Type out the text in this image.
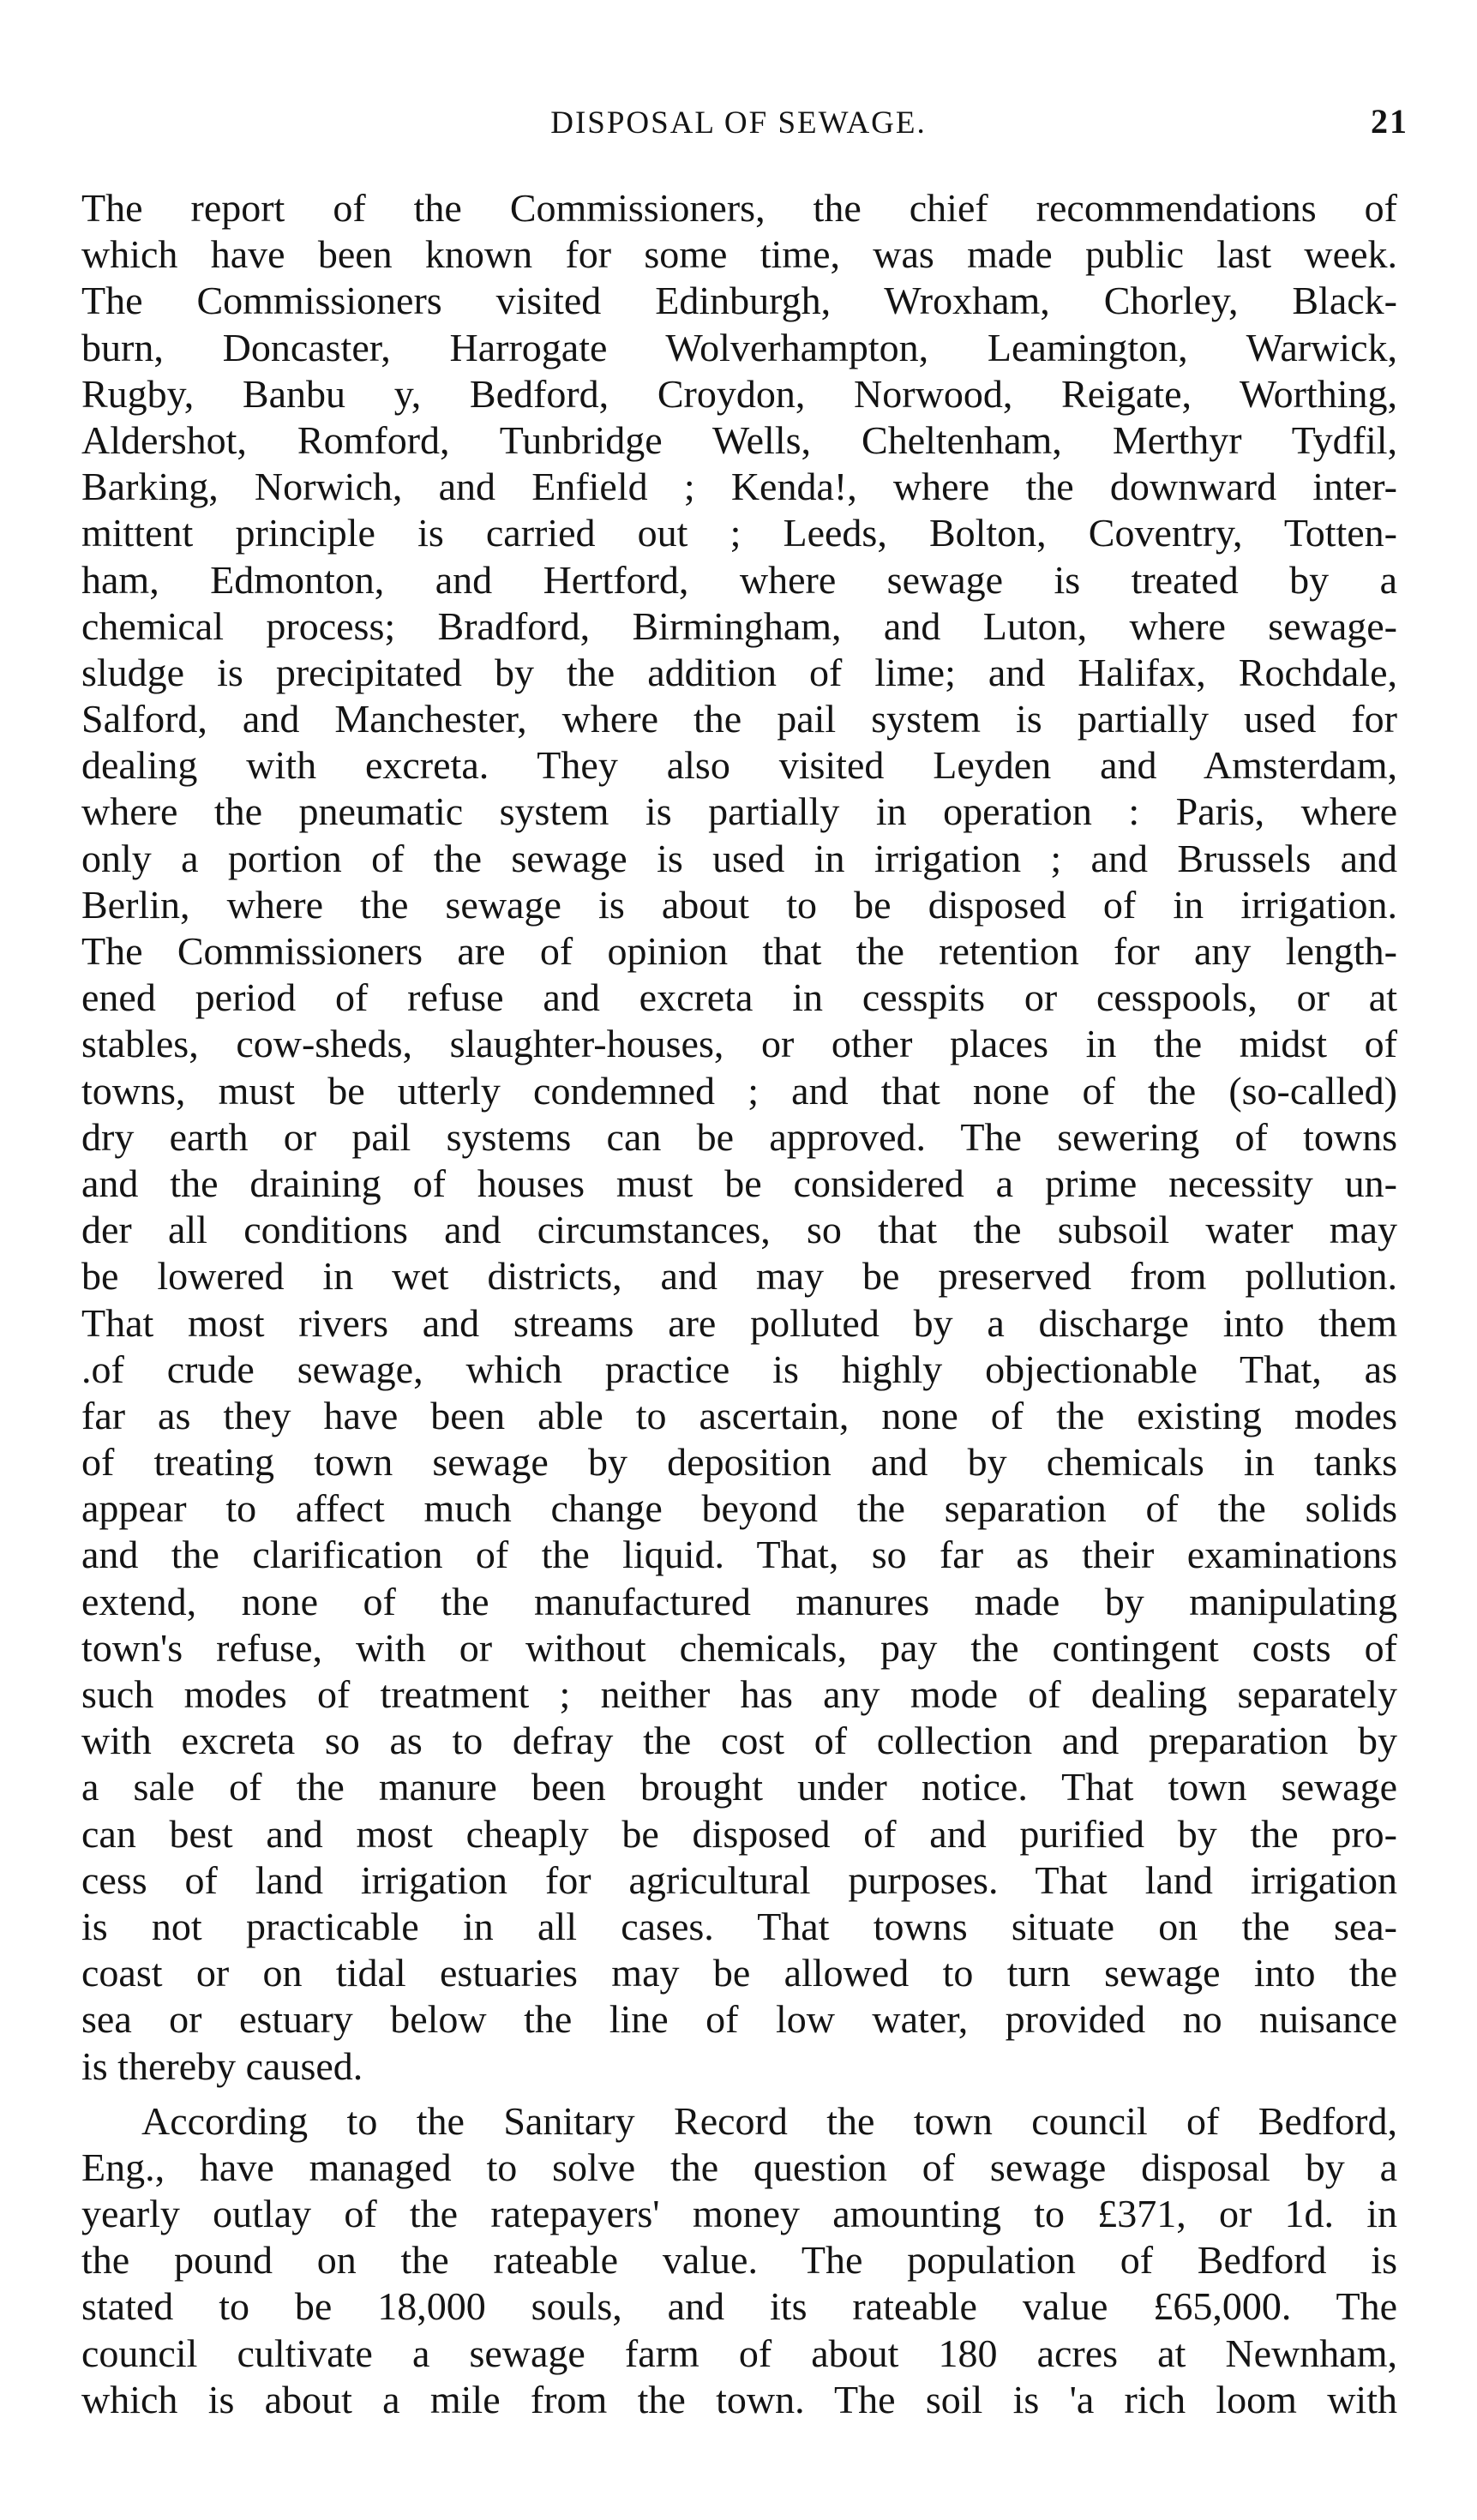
DISPOSAL OF SEWAGE.	21
The report of the Commissioners, the chief recommendations of
which have been known for some time, was made public last week.
The Commissioners visited Edinburgh, Wroxham, Chorley, Black-
burn, Doncaster, Harrogate Wolverhampton, Leamington, Warwick,
Rugby, Banbu y, Bedford, Croydon, Norwood, Reigate, Worthing,
Aldershot, Romford, Tunbridge Wells, Cheltenham, Merthyr Tydfil,
Barking, Norwich, and Enfield ; Kenda!, where the downward inter-
mittent principle is carried out ; Leeds, Bolton, Coventry, Totten-
ham, Edmonton, and Hertford, where sewage is treated by a
chemical process; Bradford, Birmingham, and Luton, where sewage-
sludge is precipitated by the addition of lime; and Halifax, Rochdale,
Salford, and Manchester, where the pail system is partially used for
dealing with excreta. They also visited Leyden and Amsterdam,
where the pneumatic system is partially in operation : Paris, where
only a portion of the sewage is used in irrigation ; and Brussels and
Berlin, where the sewage is about to be disposed of in irrigation.
The Commissioners are of opinion that the retention for any length-
ened period of refuse and excreta in cesspits or cesspools, or at
stables, cow-sheds, slaughter-houses, or other places in the midst of
towns, must be utterly condemned ; and that none of the (so-called)
dry earth or pail systems can be approved. The sewering of towns
and the draining of houses must be considered a prime necessity un-
der all conditions and circumstances, so that the subsoil water may
be lowered in wet districts, and may be preserved from pollution.
That most rivers and streams are polluted by a discharge into them
.of crude sewage, which practice is highly objectionable That, as
far as they have been able to ascertain, none of the existing modes
of treating town sewage by deposition and by chemicals in tanks
appear to affect much change beyond the separation of the solids
and the clarification of the liquid. That, so far as their examinations
extend, none of the manufactured manures made by manipulating
town's refuse, with or without chemicals, pay the contingent costs of
such modes of treatment ; neither has any mode of dealing separately
with excreta so as to defray the cost of collection and preparation by
a sale of the manure been brought under notice. That town sewage
can best and most cheaply be disposed of and purified by the pro-
cess of land irrigation for agricultural purposes. That land irrigation
is not practicable in all cases. That towns situate on the sea-
coast or on tidal estuaries may be allowed to turn sewage into the
sea or estuary below the line of low water, provided no nuisance
is thereby caused.
According to the Sanitary Record the town council of Bedford,
Eng., have managed to solve the question of sewage disposal by a
yearly outlay of the ratepayers' money amounting to £371, or 1d. in
the pound on the rateable value. The population of Bedford is
stated to be 18,000 souls, and its rateable value £65,000. The
council cultivate a sewage farm of about 180 acres at Newnham,
which is about a mile from the town. The soil is 'a rich loom with
